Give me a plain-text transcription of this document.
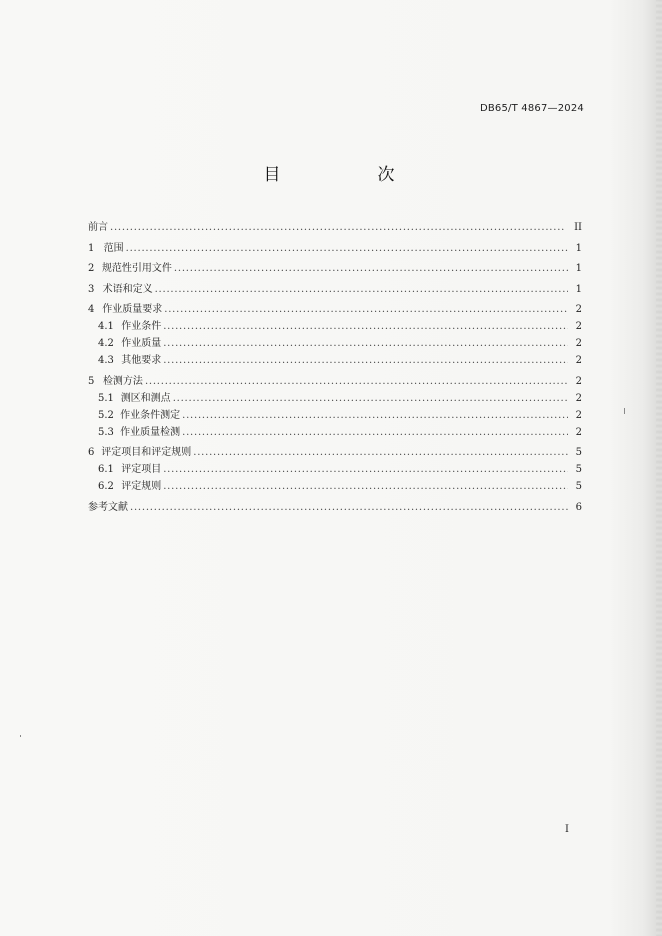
DB65/T 4867—2024
目　次
前言 . . .	II
1 范围 . . .	1
2 规范性引用文件 . . .	1
3 术语和定义 . . .	1
4 作业质量要求 . . .	2
4.1 作业条件 . . .	2
4.2 作业质量 . . .	2
4.3 其他要求 . . .	2
5 检测方法 . . .	2
5.1 测区和测点 . . .	2
5.2 作业条件测定 . . .	2
5.3 作业质量检测 . . .	2
6 评定项目和评定规则 . . .	5
6.1 评定项目 . . .	5
6.2 评定规则 . . .	5
参考文献 . . .	6
I
